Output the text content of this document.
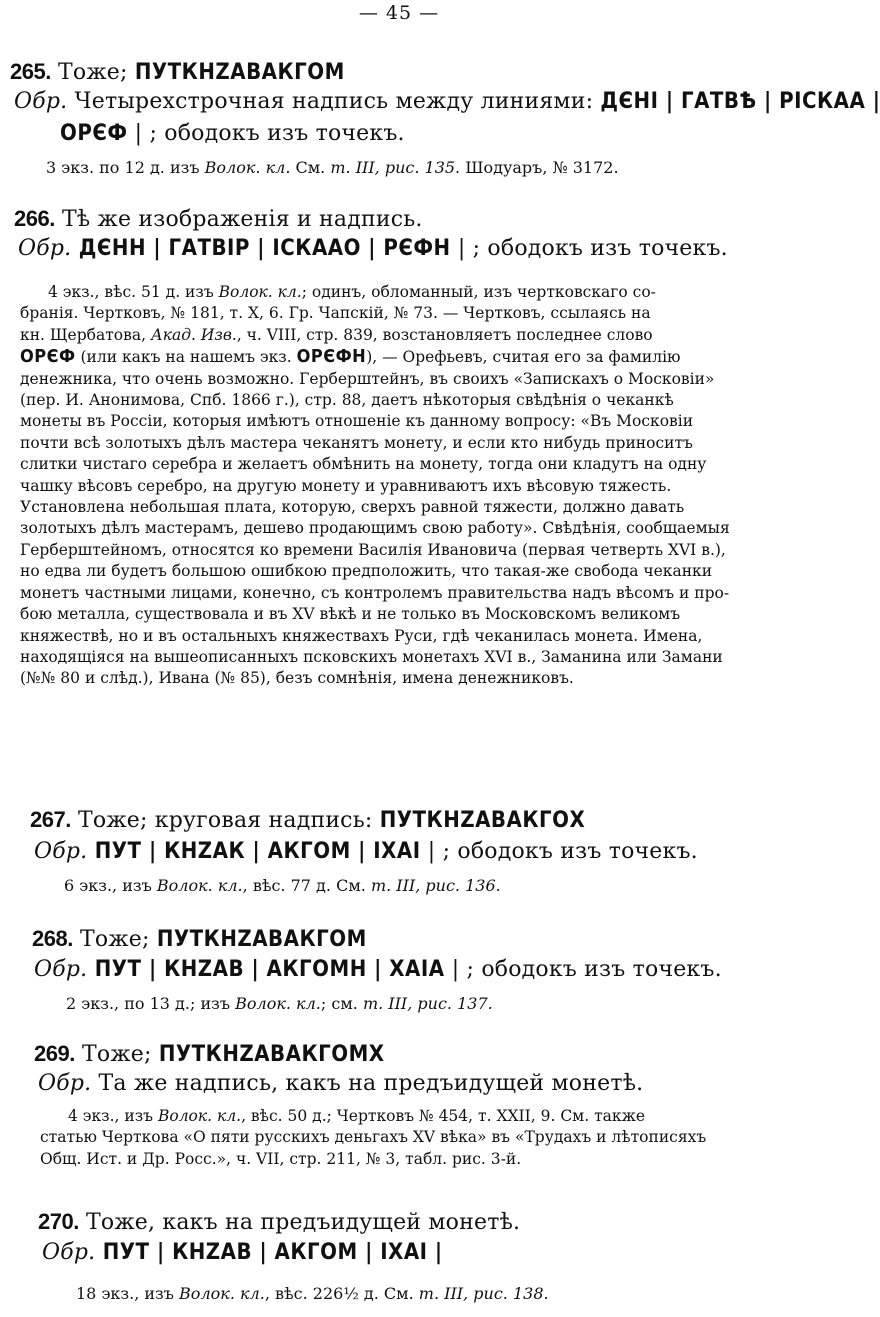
— 45 —
265. Тоже; ПУТКНZАВАКГОМ
Обр. Четырехстрочная надпись между линиями: ДЄНІ | ГАТВѢ | РІСКАА |
ОРЄФ | ; ободокъ изъ точекъ.
3 экз. по 12 д. изъ Волок. кл. См. т. III, рис. 135. Шодуаръ, № 3172.
266. Тѣ же изображенія и надпись.
Обр. ДЄНН | ГАТВІР | ІСКААО | РЄФН | ; ободокъ изъ точекъ.
4 экз., вѣс. 51 д. изъ Волок. кл.; одинъ, обломанный, изъ чертковскаго со-
бранія. Чертковъ, № 181, т. Х, 6. Гр. Чапскій, № 73. — Чертковъ, ссылаясь на
кн. Щербатова, Акад. Изв., ч. VIII, стр. 839, возстановляетъ последнее слово
ОРЄФ (или какъ на нашемъ экз. ОРЄФН), — Орефьевъ, считая его за фамилію
денежника, что очень возможно. Герберштейнъ, въ своихъ «Запискахъ о Московіи»
(пер. И. Анонимова, Спб. 1866 г.), стр. 88, даетъ нѣкоторыя свѣдѣнія о чеканкѣ
монеты въ Россіи, которыя имѣютъ отношеніе къ данному вопросу: «Въ Московіи
почти всѣ золотыхъ дѣлъ мастера чеканятъ монету, и если кто нибудь приноситъ
слитки чистаго серебра и желаетъ обмѣнить на монету, тогда они кладутъ на одну
чашку вѣсовъ серебро, на другую монету и уравниваютъ ихъ вѣсовую тяжесть.
Установлена небольшая плата, которую, сверхъ равной тяжести, должно давать
золотыхъ дѣлъ мастерамъ, дешево продающимъ свою работу». Свѣдѣнія, сообщаемыя
Герберштейномъ, относятся ко времени Василія Ивановича (первая четверть XVI в.),
но едва ли будетъ большою ошибкою предположить, что такая-же свобода чеканки
монетъ частными лицами, конечно, съ контролемъ правительства надъ вѣсомъ и про-
бою металла, существовала и въ XV вѣкѣ и не только въ Московскомъ великомъ
княжествѣ, но и въ остальныхъ княжествахъ Руси, гдѣ чеканилась монета. Имена,
находящіяся на вышеописанныхъ псковскихъ монетахъ XVI в., Заманина или Замани
(№№ 80 и слѣд.), Ивана (№ 85), безъ сомнѣнія, имена денежниковъ.
267. Тоже; круговая надпись: ПУТКНZАВАКГОХ
Обр. ПУТ | КНZАК | АКГОМ | ІХАІ | ; ободокъ изъ точекъ.
6 экз., изъ Волок. кл., вѣс. 77 д. См. т. III, рис. 136.
268. Тоже; ПУТКНZАВАКГОМ
Обр. ПУТ | КНZАВ | АКГОМН | ХАІА | ; ободокъ изъ точекъ.
2 экз., по 13 д.; изъ Волок. кл.; см. т. III, рис. 137.
269. Тоже; ПУТКНZАВАКГОМХ
Обр. Та же надпись, какъ на предъидущей монетѣ.
4 экз., изъ Волок. кл., вѣс. 50 д.; Чертковъ № 454, т. XXII, 9. См. также
статью Черткова «О пяти русскихъ деньгахъ XV вѣка» въ «Трудахъ и лѣтописяхъ
Общ. Ист. и Др. Росс.», ч. VII, стр. 211, № 3, табл. рис. 3-й.
270. Тоже, какъ на предъидущей монетѣ.
Обр. ПУТ | КНZАВ | АКГОМ | ІХАІ |
18 экз., изъ Волок. кл., вѣс. 226½ д. См. т. III, рис. 138.
